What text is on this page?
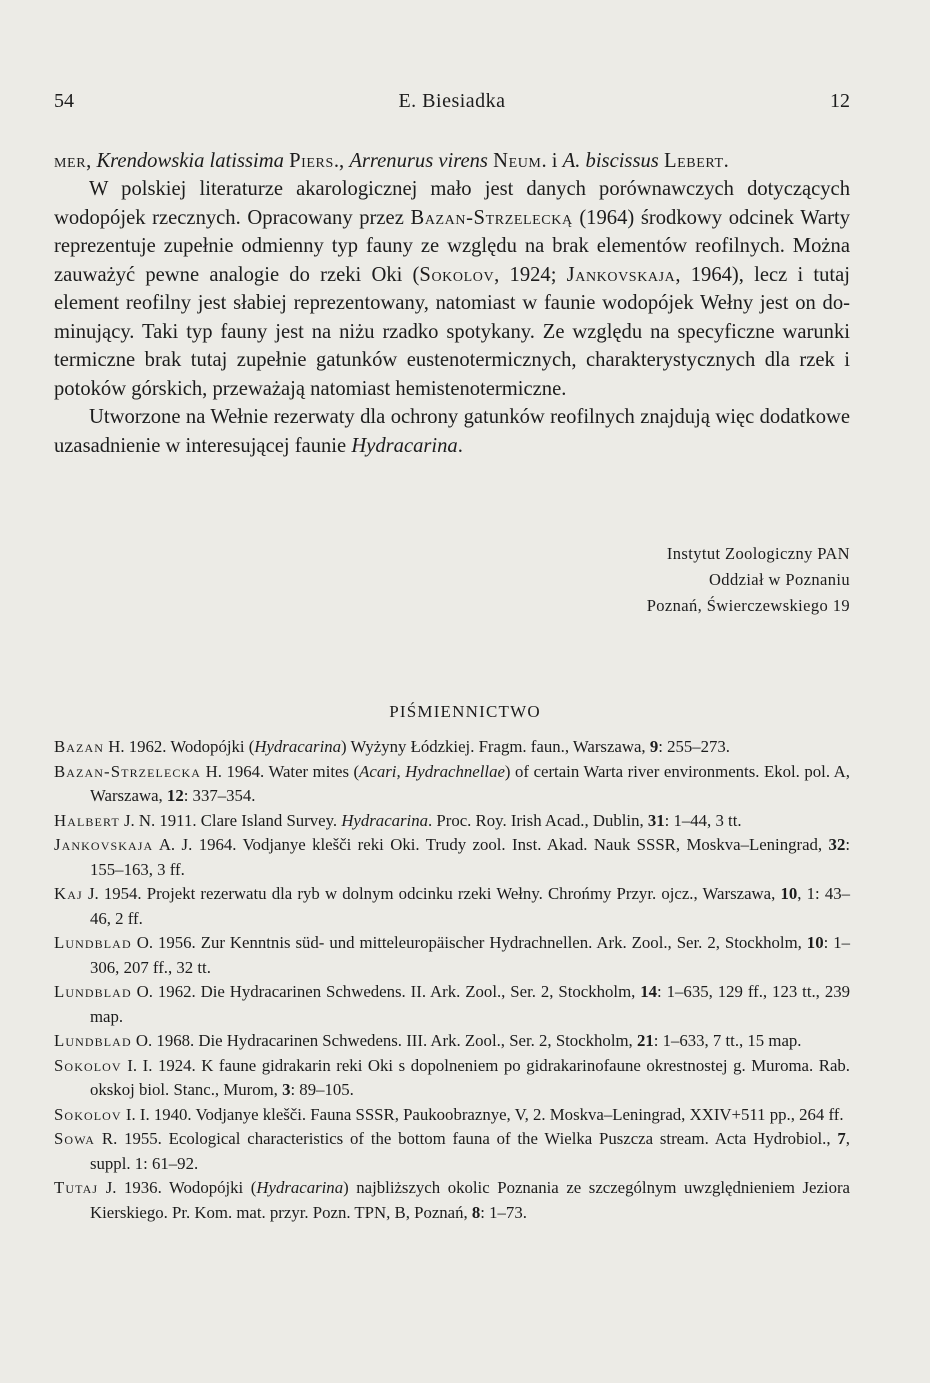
E. Biesiadka
54	12

mer, Krendowskia latissima Piers., Arrenurus virens Neum. i A. biscissus Lebert.

W polskiej literaturze akarologicznej mało jest danych porównawczych dotyczących wodopójek rzecznych. Opracowany przez Bazan-Strzelecką (1964) środkowy odcinek Warty reprezentuje zupełnie odmienny typ fauny ze względu na brak elementów reofilnych. Można zauważyć pewne analogie do rzeki Oki (Sokolov, 1924; Jankovskaja, 1964), lecz i tutaj element reofilny jest słabiej reprezentowany, natomiast w faunie wodopójek Wełny jest on dominujący. Taki typ fauny jest na niżu rzadko spotykany. Ze względu na specyficzne warunki termiczne brak tutaj zupełnie gatunków eustenotermicznych, charakterystycznych dla rzek i potoków górskich, przeważają natomiast hemistenotermiczne.

Utworzone na Wełnie rezerwaty dla ochrony gatunków reofilnych znajdują więc dodatkowe uzasadnienie w interesującej faunie Hydracarina.

Instytut Zoologiczny PAN
Oddział w Poznaniu
Poznań, Świerczewskiego 19
PIŚMIENNICTWO

Bazan H. 1962. Wodopójki (Hydracarina) Wyżyny Łódzkiej. Fragm. faun., Warszawa, 9: 255–273.

Bazan-Strzelecka H. 1964. Water mites (Acari, Hydrachnellae) of certain Warta river environments. Ekol. pol. A, Warszawa, 12: 337–354.

Halbert J. N. 1911. Clare Island Survey. Hydracarina. Proc. Roy. Irish Acad., Dublin, 31: 1–44, 3 tt.

Jankovskaja A. J. 1964. Vodjanye klešči reki Oki. Trudy zool. Inst. Akad. Nauk SSSR, Moskva–Leningrad, 32: 155–163, 3 ff.

Kaj J. 1954. Projekt rezerwatu dla ryb w dolnym odcinku rzeki Wełny. Chrońmy Przyr. ojcz., Warszawa, 10, 1: 43–46, 2 ff.

Lundblad O. 1956. Zur Kenntnis süd- und mitteleuropäischer Hydrachnellen. Ark. Zool., Ser. 2, Stockholm, 10: 1–306, 207 ff., 32 tt.

Lundblad O. 1962. Die Hydracarinen Schwedens. II. Ark. Zool., Ser. 2, Stockholm, 14: 1–635, 129 ff., 123 tt., 239 map.

Lundblad O. 1968. Die Hydracarinen Schwedens. III. Ark. Zool., Ser. 2, Stockholm, 21: 1–633, 7 tt., 15 map.

Sokolov I. I. 1924. K faune gidrakarin reki Oki s dopolneniem po gidrakarinofaune okrestnostej g. Muroma. Rab. okskoj biol. Stanc., Murom, 3: 89–105.

Sokolov I. I. 1940. Vodjanye klešči. Fauna SSSR, Paukoobraznye, V, 2. Moskva–Leningrad, XXIV+511 pp., 264 ff.

Sowa R. 1955. Ecological characteristics of the bottom fauna of the Wielka Puszcza stream. Acta Hydrobiol., 7, suppl. 1: 61–92.

Tutaj J. 1936. Wodopójki (Hydracarina) najbliższych okolic Poznania ze szczególnym uwzględnieniem Jeziora Kierskiego. Pr. Kom. mat. przyr. Pozn. TPN, B, Poznań, 8: 1–73.
